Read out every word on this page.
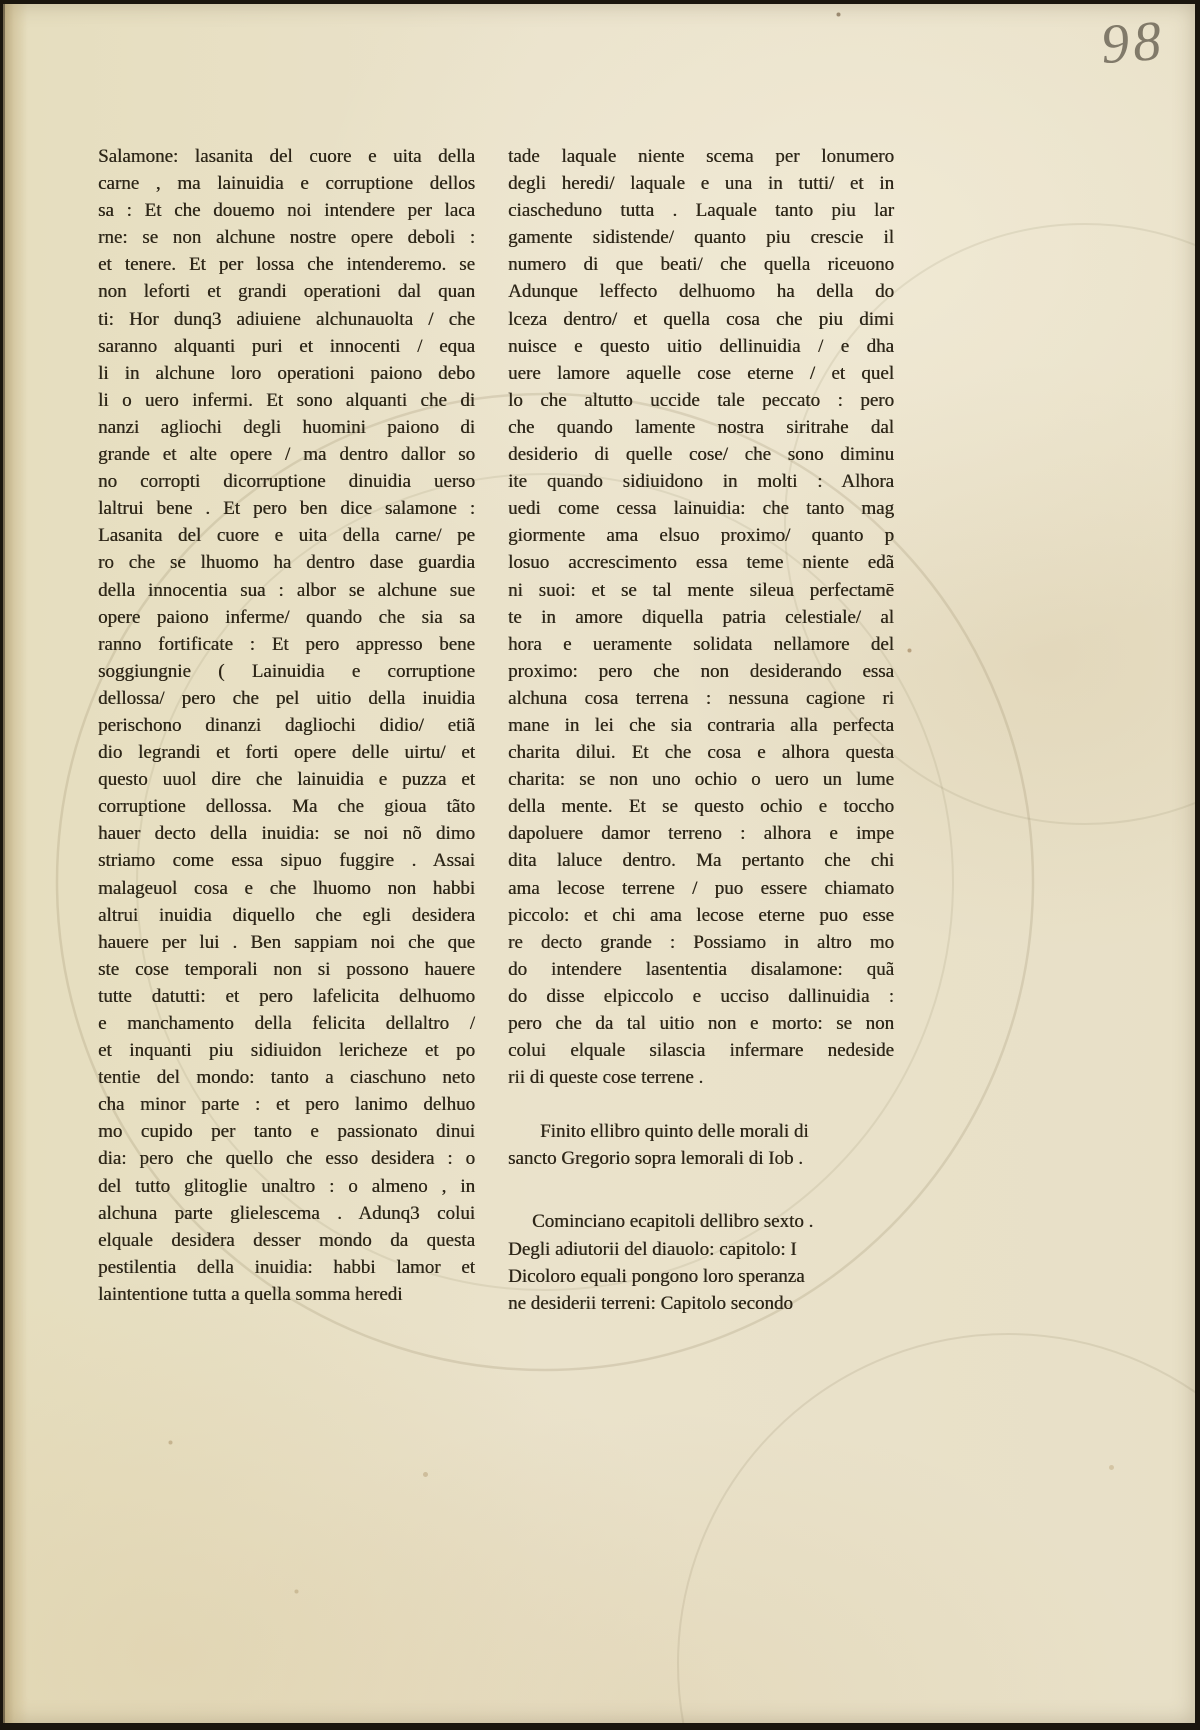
98
Salamone: lasanita del cuore e uita della
carne , ma lainuidia e corruptione dellos
sa : Et che douemo noi intendere per laca
rne: se non alchune nostre opere deboli :
et tenere. Et per lossa che intenderemo. se
non leforti et grandi operationi dal quan
ti: Hor dunq3 adiuiene alchunauolta / che
saranno alquanti puri et innocenti / equa
li in alchune loro operationi paiono debo
li o uero infermi. Et sono alquanti che di
nanzi agliochi degli huomini paiono di
grande et alte opere / ma dentro dallor so
no corropti dicorruptione dinuidia uerso
laltrui bene . Et pero ben dice salamone :
Lasanita del cuore e uita della carne/ pe
ro che se lhuomo ha dentro dase guardia
della innocentia sua : albor se alchune sue
opere paiono inferme/ quando che sia sa
ranno fortificate : Et pero appresso bene
soggiungnie ( Lainuidia e corruptione
dellossa/ pero che pel uitio della inuidia
perischono dinanzi dagliochi didio/ etiã
dio legrandi et forti opere delle uirtu/ et
questo uuol dire che lainuidia e puzza et
corruptione dellossa. Ma che gioua tãto
hauer decto della inuidia: se noi nõ dimo
striamo come essa sipuo fuggire . Assai
malageuol cosa e che lhuomo non habbi
altrui inuidia diquello che egli desidera
hauere per lui . Ben sappiam noi che que
ste cose temporali non si possono hauere
tutte datutti: et pero lafelicita delhuomo
e manchamento della felicita dellaltro /
et inquanti piu sidiuidon lericheze et po
tentie del mondo: tanto a ciaschuno neto
cha minor parte : et pero lanimo delhuo
mo cupido per tanto e passionato dinui
dia: pero che quello che esso desidera : o
del tutto glitoglie unaltro : o almeno , in
alchuna parte glielescema . Adunq3 colui
elquale desidera desser mondo da questa
pestilentia della inuidia: habbi lamor et
laintentione tutta a quella somma heredi
tade laquale niente scema per lonumero
degli heredi/ laquale e una in tutti/ et in
ciascheduno tutta . Laquale tanto piu lar
gamente sidistende/ quanto piu crescie il
numero di que beati/ che quella riceuono
Adunque leffecto delhuomo ha della do
lceza dentro/ et quella cosa che piu dimi
nuisce e questo uitio dellinuidia / e dha
uere lamore aquelle cose eterne / et quel
lo che altutto uccide tale peccato : pero
che quando lamente nostra siritrahe dal
desiderio di quelle cose/ che sono diminu
ite quando sidiuidono in molti : Alhora
uedi come cessa lainuidia: che tanto mag
giormente ama elsuo proximo/ quanto p
losuo accrescimento essa teme niente edã
ni suoi: et se tal mente sileua perfectamē
te in amore diquella patria celestiale/ al
hora e ueramente solidata nellamore del
proximo: pero che non desiderando essa
alchuna cosa terrena : nessuna cagione ri
mane in lei che sia contraria alla perfecta
charita dilui. Et che cosa e alhora questa
charita: se non uno ochio o uero un lume
della mente. Et se questo ochio e toccho
dapoluere damor terreno : alhora e impe
dita laluce dentro. Ma pertanto che chi
ama lecose terrene / puo essere chiamato
piccolo: et chi ama lecose eterne puo esse
re decto grande : Possiamo in altro mo
do intendere lasententia disalamone: quã
do disse elpiccolo e ucciso dallinuidia :
pero che da tal uitio non e morto: se non
colui elquale silascia infermare nedeside
rii di queste cose terrene .
Finito ellibro quinto delle morali di
sancto Gregorio sopra lemorali di Iob .
Cominciano ecapitoli dellibro sexto .
Degli adiutorii del diauolo: capitolo: I
Dicoloro equali pongono loro speranza
ne desiderii terreni: Capitolo secondo
